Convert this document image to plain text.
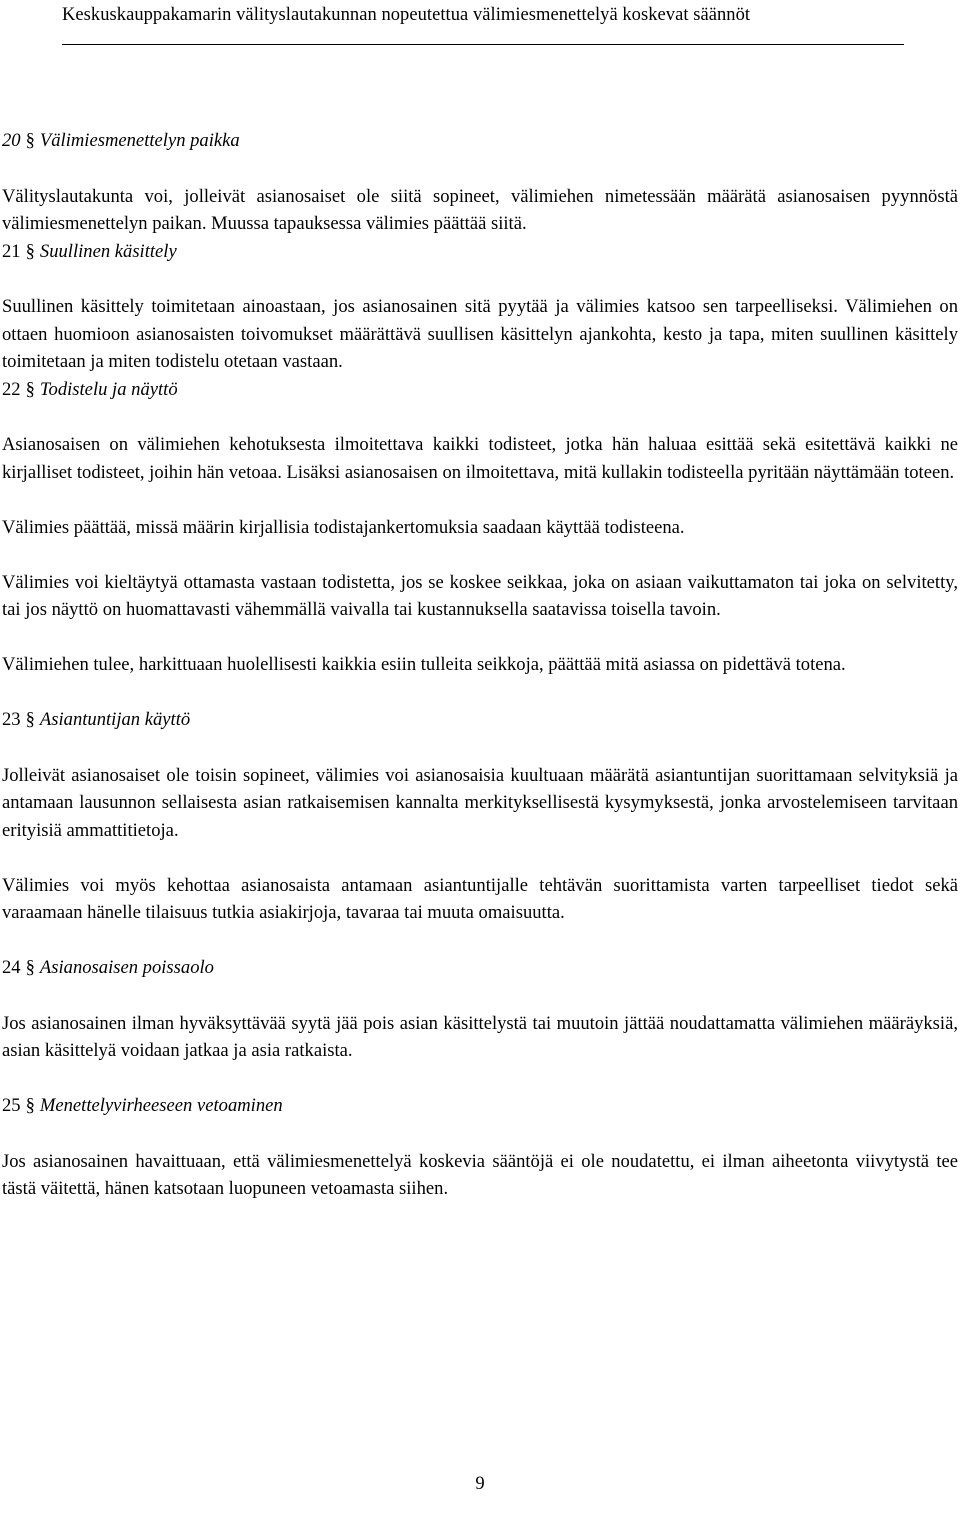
Keskuskauppakamarin välityslautakunnan nopeutettua välimiesmenettelyä koskevat säännöt
20 § Välimiesmenettelyn paikka

Välityslautakunta voi, jolleivät asianosaiset ole siitä sopineet, välimiehen nimetessään määrätä asianosaisen pyynnöstä välimiesmenettelyn paikan. Muussa tapauksessa välimies päättää siitä.

21 § Suullinen käsittely

Suullinen käsittely toimitetaan ainoastaan, jos asianosainen sitä pyytää ja välimies katsoo sen tarpeelliseksi. Välimiehen on ottaen huomioon asianosaisten toivomukset määrättävä suullisen käsittelyn ajankohta, kesto ja tapa, miten suullinen käsittely toimitetaan ja miten todistelu otetaan vastaan.

22 § Todistelu ja näyttö

Asianosaisen on välimiehen kehotuksesta ilmoitettava kaikki todisteet, jotka hän haluaa esittää sekä esitettävä kaikki ne kirjalliset todisteet, joihin hän vetoaa. Lisäksi asianosaisen on ilmoitettava, mitä kullakin todisteella pyritään näyttämään toteen.

Välimies päättää, missä määrin kirjallisia todistajankertomuksia saadaan käyttää todisteena.

Välimies voi kieltäytyä ottamasta vastaan todistetta, jos se koskee seikkaa, joka on asiaan vaikuttamaton tai joka on selvitetty, tai jos näyttö on huomattavasti vähemmällä vaivalla tai kustannuksella saatavissa toisella tavoin.

Välimiehen tulee, harkittuaan huolellisesti kaikkia esiin tulleita seikkoja, päättää mitä asiassa on pidettävä totena.

23 § Asiantuntijan käyttö

Jolleivät asianosaiset ole toisin sopineet, välimies voi asianosaisia kuultuaan määrätä asiantuntijan suorittamaan selvityksiä ja antamaan lausunnon sellaisesta asian ratkaisemisen kannalta merkityksellisestä kysymyksestä, jonka arvostelemiseen tarvitaan erityisiä ammattitietoja.

Välimies voi myös kehottaa asianosaista antamaan asiantuntijalle tehtävän suorittamista varten tarpeelliset tiedot sekä varaamaan hänelle tilaisuus tutkia asiakirjoja, tavaraa tai muuta omaisuutta.

24 § Asianosaisen poissaolo

Jos asianosainen ilman hyväksyttävää syytä jää pois asian käsittelystä tai muutoin jättää noudattamatta välimiehen määräyksiä, asian käsittelyä voidaan jatkaa ja asia ratkaista.

25 § Menettelyvirheeseen vetoaminen

Jos asianosainen havaittuaan, että välimiesmenettelyä koskevia sääntöjä ei ole noudatettu, ei ilman aiheetonta viivytystä tee tästä väitettä, hänen katsotaan luopuneen vetoamasta siihen.

9
